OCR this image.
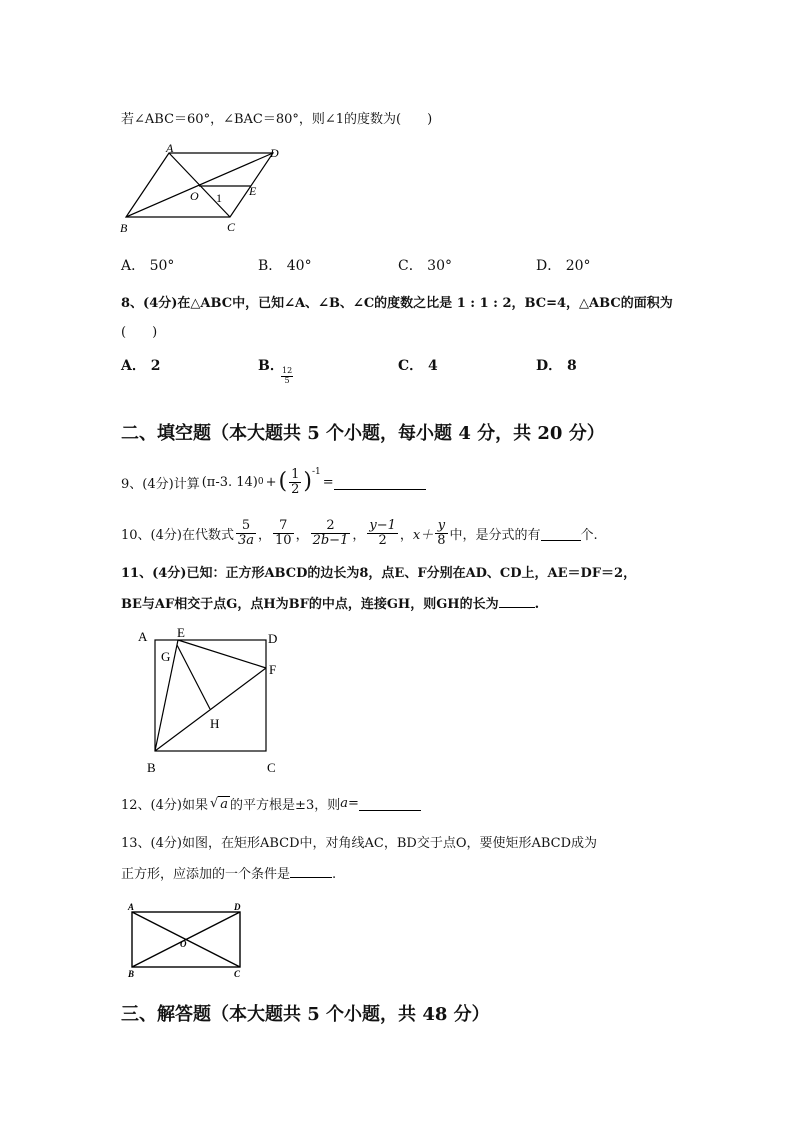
若∠ABC＝60°，∠BAC＝80°，则∠1的度数为(　　)
A	D
E
O 1
B	C
A． 50°	B． 40°	C． 30°	D． 20°
8、(4分)在△ABC中，已知∠A、∠B、∠C的度数之比是 1 : 1 : 2，BC=4，△ABC的面积为
(　　)
A． 2	B．
12
5
C． 4	D． 8
二、填空题（本大题共 5 个小题，每小题 4 分，共 20 分）
9、(4分) 计算 (π-3. 14) 0 + ( $\frac{1}{2} )^{-1}$
=
10、(4分) 在代数式 $\frac{5}{3a}$ ， $\frac{7}{10}$ ， $\frac{2}{2b-1}$ ， $\frac{y-1}{2}$ ， $x+ \frac{y}{8}$ 中，是分式的有	个.
11、(4分)已知：正方形ABCD的边长为8，点E、F分别在AD、CD上，AE＝DF＝2，
BE与AF相交于点G，点H为BF的中点，连接GH，则GH的长为	.
A E	D
G
F
H
B	C
12、(4分) 如果 √ a 的平方根是±3，则 a =
13、(4分)如图，在矩形ABCD中，对角线AC，BD交于点O，要使矩形ABCD成为
正方形，应添加的一个条件是	.
A	D
O
B	C
三、解答题（本大题共 5 个小题，共 48 分）
